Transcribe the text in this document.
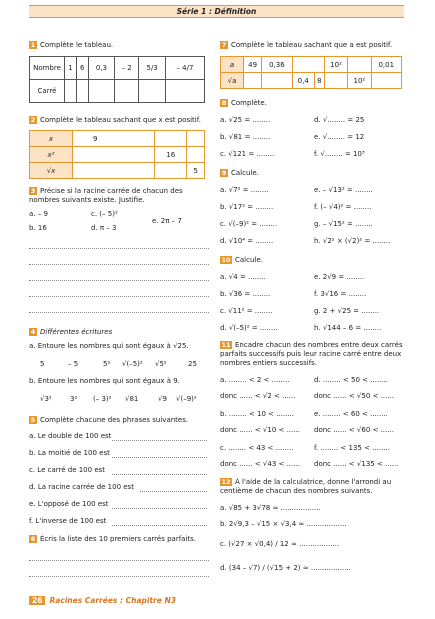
Série 1 : Définition
1 Complète le tableau.
Nombre	1	6	0,3	– 2	5/3	– 4/7
Carré						
2 Complète le tableau sachant que x est positif.
x	9		
x²		16	
√x			5
3 Précise si la racine carrée de chacun des nombres suivants existe. Justifie.
a. – 9
b. 16
c. (– 5)²
d. π – 3
e. 2π – 7
4 Différentes écritures
a. Entoure les nombres qui sont égaux à √25.
5	– 5	5² √(–5)² √5²	25
b. Entoure les nombres qui sont égaux à 9.
√3²	3² (– 3)² √81	√9 √(–9)²
5 Complète chacune des phrases suivantes.
a. Le double de 100 est
b. La moitié de 100 est
c. Le carré de 100 est
d. La racine carrée de 100 est
e. L'opposé de 100 est
f. L'inverse de 100 est
6 Écris la liste des 10 premiers carrés parfaits.
7 Complète le tableau sachant que a est positif.
a	49	0,36			10²		0,01
√a			0,4	8		10²	
8 Complète.
a. √25 = ........
b. √81 = ........
c. √121 = ........
d. √........ = 25
e. √........ = 12
f. √........ = 10³
9 Calcule.
a. √7² = ........
b. √17² = ........
c. √(–9)² = ........
d. √10⁴ = ........
e. – √13² = ........
f. (– √4)² = ........
g. – √15² = ........
h. √2² × (√2)² = ........
10 Calcule.
a. √4 = ........
b. √36 = ........
c. √11² = ........
d. √(–5)² = ........
e. 2√9 = ........
f. 3√16 = ........
g. 2 + √25 = ........
h. √144 – 6 = ........
11 Encadre chacun des nombres entre deux carrés parfaits successifs puis leur racine carré entre deux nombres entiers successifs.
a. ........ < 2 < ........
donc ...... < √2 < ......
d. ........ < 50 < ........
donc ...... < √50 < ......
b. ........ < 10 < ........
donc ...... < √10 < ......
e. ........ < 60 < ........
donc ...... < √60 < ......
c. ........ < 43 < ........
donc ...... < √43 < ......
f. ........ < 135 < ........
donc ...... < √135 < ......
12 À l'aide de la calculatrice, donne l'arrondi au centième de chacun des nombres suivants.
a. √85 + 3√78 ≈ ..................
b. 2√9,3 – √15 × √3,4 ≈ ..................
c. (√27 × √0,4) / 12 ≈ ..................
d. (34 – √7) / (√15 + 2) ≈ ..................
26 Racines Carrées : Chapitre N3
